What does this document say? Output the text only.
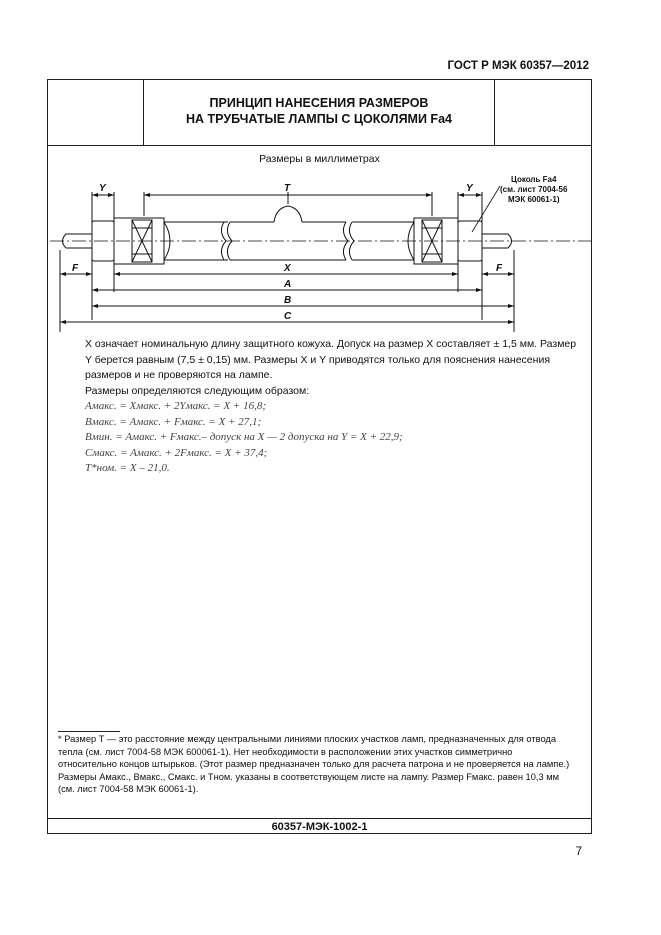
ГОСТ Р МЭК 60357—2012
ПРИНЦИП НАНЕСЕНИЯ РАЗМЕРОВ
НА ТРУБЧАТЫЕ ЛАМПЫ С ЦОКОЛЯМИ Fa4
Размеры в миллиметрах
Y	T	Y
X
F	F
A
B
C
Цоколь Fa4
(см. лист 7004-56
МЭК 60061-1)

X означает номинальную длину защитного кожуха. Допуск на размер X составляет ± 1,5 мм. Размер Y берется равным (7,5 ± 0,15) мм. Размеры X и Y приводятся только для пояснения нанесения размеров и не проверяются на лампе.

Размеры определяются следующим образом:

Aмакс. = Xмакс. + 2Yмакс. = X + 16,8;

Bмакс. = Aмакс. + Fмакс. = X + 27,1;

Bмин. = Aмакс. + Fмакс.– допуск на X — 2 допуска на Y = X + 22,9;

Cмакс. = Aмакс. + 2Fмакс. = X + 37,4;

T*ном. = X – 21,0.

* Размер T — это расстояние между центральными линиями плоских участков ламп, предназначенных для отвода тепла (см. лист 7004-58 МЭК 600061-1). Нет необходимости в расположении этих участков симметрично относительно концов штырьков. (Этот размер предназначен только для расчета патрона и не проверяется на лампе.)

Размеры Aмакс., Bмакс., Cмакс. и Tном. указаны в соответствующем листе на лампу. Размер Fмакс. равен 10,3 мм (см. лист 7004-58 МЭК 60061-1).

60357-МЭК-1002-1
7
